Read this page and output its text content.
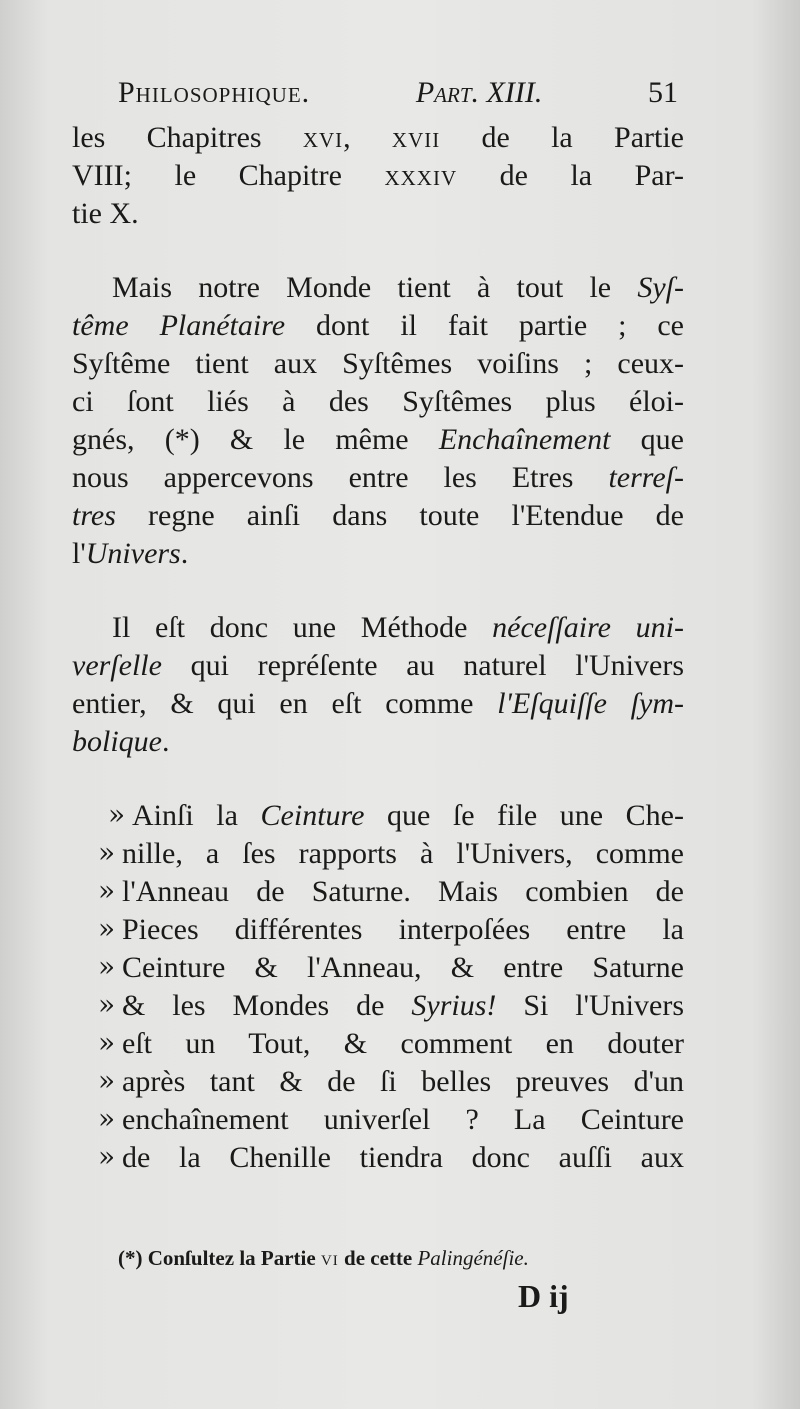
Philosophique.	Part. XIII.	51
les Chapitres xvi, xvii de la Partie
VIII; le Chapitre xxxiv de la Par-
tie X.
Mais notre Monde tient à tout le Syſ-
tême Planétaire dont il fait partie ; ce
Syſtême tient aux Syſtêmes voiſins ; ceux-
ci ſont liés à des Syſtêmes plus éloi-
gnés, (*) & le même Enchaînement que
nous appercevons entre les Etres terreſ-
tres regne ainſi dans toute l'Etendue de
l'Univers.
Il eſt donc une Méthode néceſſaire uni-
verſelle qui repréſente au naturel l'Univers
entier, & qui en eſt comme l'Eſquiſſe ſym-
bolique.
» Ainſi la Ceinture que ſe file une Che-
» nille, a ſes rapports à l'Univers, comme
» l'Anneau de Saturne. Mais combien de
» Pieces différentes interpoſées entre la
» Ceinture & l'Anneau, & entre Saturne
» & les Mondes de Syrius! Si l'Univers
» eſt un Tout, & comment en douter
» après tant & de ſi belles preuves d'un
» enchaînement univerſel ? La Ceinture
» de la Chenille tiendra donc auſſi aux
(*) Conſultez la Partie vi de cette Palingénéſie.
D ij
